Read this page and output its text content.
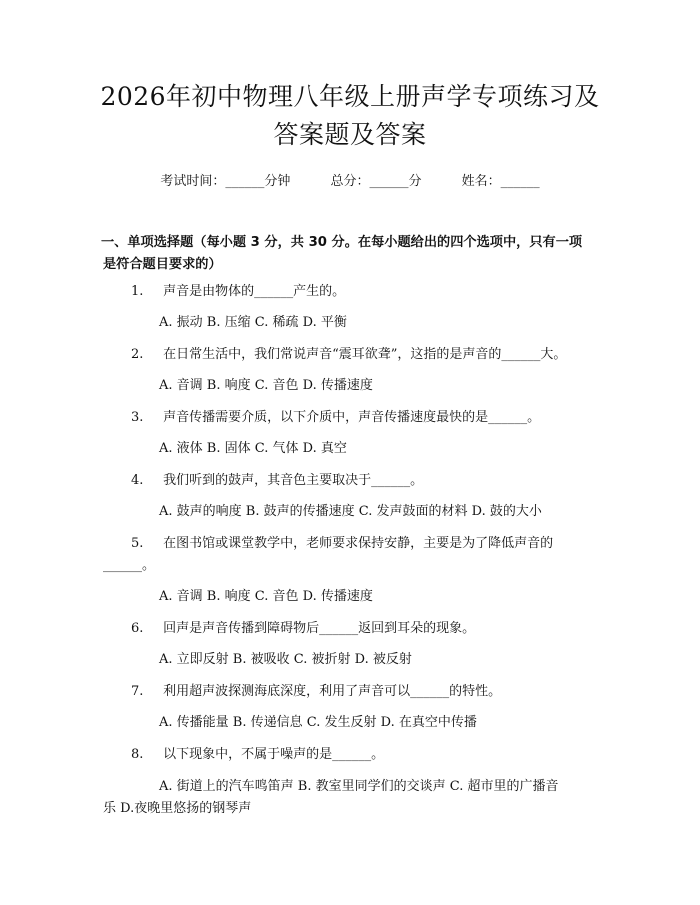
2026年初中物理八年级上册声学专项练习及
答案题及答案
考试时间：______分钟	总分：______分	姓名：______
一、单项选择题（每小题 3 分，共 30 分。在每小题给出的四个选项中，只有一项
是符合题目要求的）
1. 声音是由物体的______产生的。
A. 振动 B. 压缩 C. 稀疏 D. 平衡
2. 在日常生活中，我们常说声音“震耳欲聋”，这指的是声音的______大。
A. 音调 B. 响度 C. 音色 D. 传播速度
3. 声音传播需要介质，以下介质中，声音传播速度最快的是______。
A. 液体 B. 固体 C. 气体 D. 真空
4. 我们听到的鼓声，其音色主要取决于______。
A. 鼓声的响度 B. 鼓声的传播速度 C. 发声鼓面的材料 D. 鼓的大小
5. 在图书馆或课堂教学中，老师要求保持安静，主要是为了降低声音的
______。
A. 音调 B. 响度 C. 音色 D. 传播速度
6. 回声是声音传播到障碍物后______返回到耳朵的现象。
A. 立即反射 B. 被吸收 C. 被折射 D. 被反射
7. 利用超声波探测海底深度，利用了声音可以______的特性。
A. 传播能量 B. 传递信息 C. 发生反射 D. 在真空中传播
8. 以下现象中，不属于噪声的是______。
A. 街道上的汽车鸣笛声 B. 教室里同学们的交谈声 C. 超市里的广播音
乐 D.夜晚里悠扬的钢琴声
